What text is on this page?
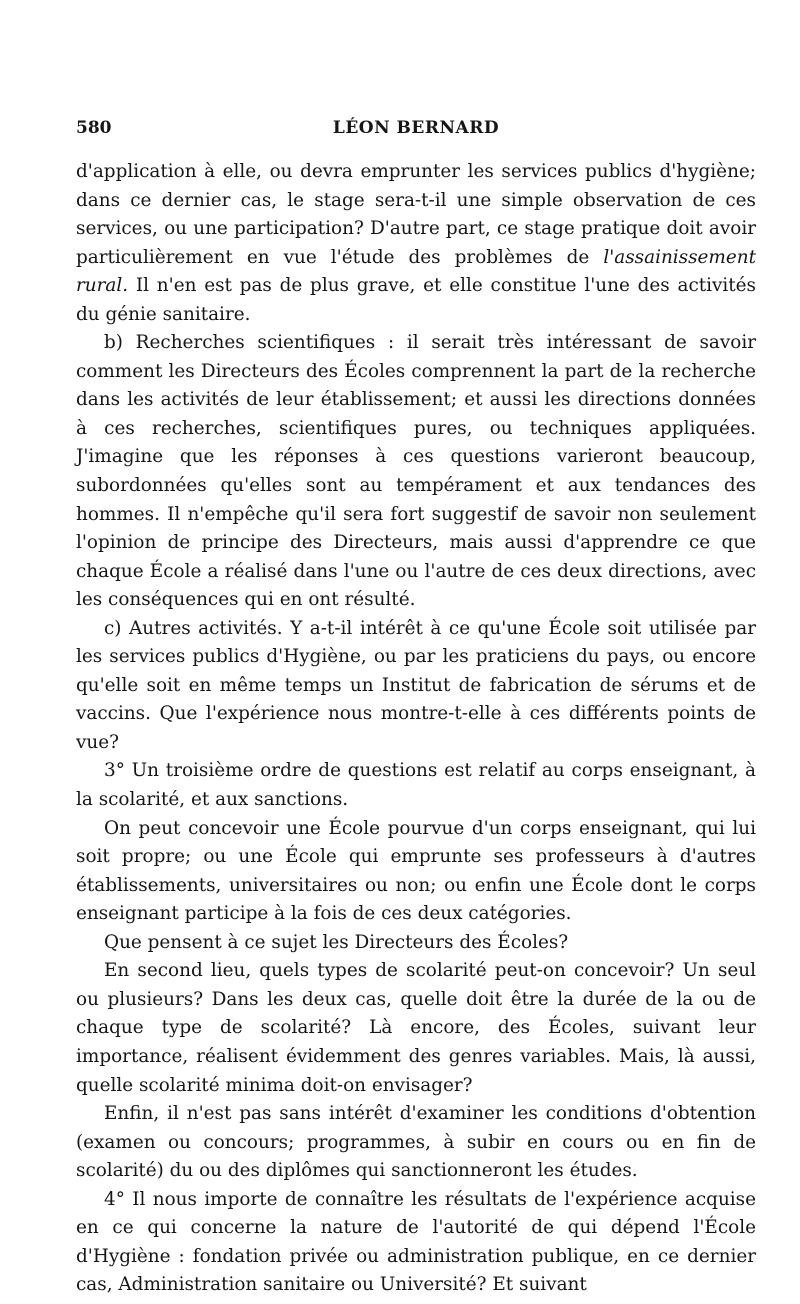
580	LÉON BERNARD

d'application à elle, ou devra emprunter les services publics d'hygiène; dans ce dernier cas, le stage sera-t-il une simple observation de ces services, ou une participation? D'autre part, ce stage pratique doit avoir particulièrement en vue l'étude des problèmes de l'assainissement rural. Il n'en est pas de plus grave, et elle constitue l'une des activités du génie sanitaire.

b) Recherches scientifiques : il serait très intéressant de savoir comment les Directeurs des Écoles comprennent la part de la recherche dans les activités de leur établissement; et aussi les directions données à ces recherches, scientifiques pures, ou techniques appliquées. J'imagine que les réponses à ces questions varieront beaucoup, subordonnées qu'elles sont au tempérament et aux tendances des hommes. Il n'empêche qu'il sera fort suggestif de savoir non seulement l'opinion de principe des Directeurs, mais aussi d'apprendre ce que chaque École a réalisé dans l'une ou l'autre de ces deux directions, avec les conséquences qui en ont résulté.

c) Autres activités. Y a-t-il intérêt à ce qu'une École soit utilisée par les services publics d'Hygiène, ou par les praticiens du pays, ou encore qu'elle soit en même temps un Institut de fabrication de sérums et de vaccins. Que l'expérience nous montre-t-elle à ces différents points de vue?

3° Un troisième ordre de questions est relatif au corps enseignant, à la scolarité, et aux sanctions.

On peut concevoir une École pourvue d'un corps enseignant, qui lui soit propre; ou une École qui emprunte ses professeurs à d'autres établissements, universitaires ou non; ou enfin une École dont le corps enseignant participe à la fois de ces deux catégories.

Que pensent à ce sujet les Directeurs des Écoles?

En second lieu, quels types de scolarité peut-on concevoir? Un seul ou plusieurs? Dans les deux cas, quelle doit être la durée de la ou de chaque type de scolarité? Là encore, des Écoles, suivant leur importance, réalisent évidemment des genres variables. Mais, là aussi, quelle scolarité minima doit-on envisager?

Enfin, il n'est pas sans intérêt d'examiner les conditions d'obtention (examen ou concours; programmes, à subir en cours ou en fin de scolarité) du ou des diplômes qui sanctionneront les études.

4° Il nous importe de connaître les résultats de l'expérience acquise en ce qui concerne la nature de l'autorité de qui dépend l'École d'Hygiène : fondation privée ou administration publique, en ce dernier cas, Administration sanitaire ou Université? Et suivant
